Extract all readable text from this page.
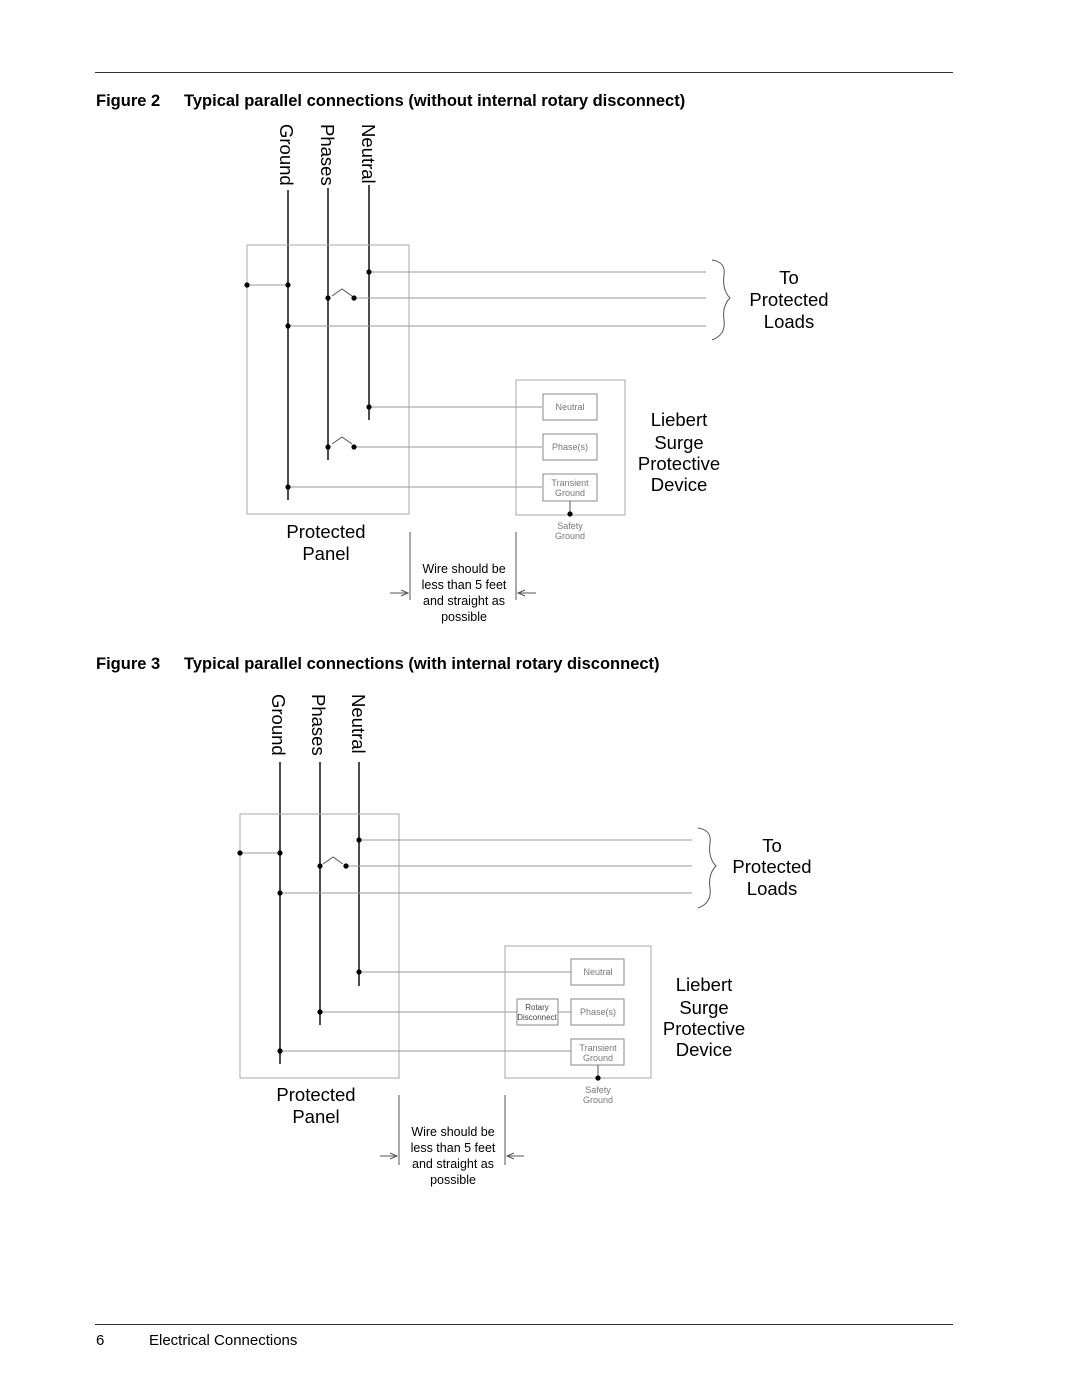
Figure 2 Typical parallel connections (without internal rotary disconnect)
Ground Phases Neutral
To
Protected
Loads
Liebert
Surge
Protective
Device
Protected
Panel
Neutral
Phase(s)
Transient
Ground
Safety
Ground
Wire should be
less than 5 feet
and straight as
possible
Figure 3 Typical parallel connections (with internal rotary disconnect)
Ground Phases Neutral
To
Protected
Loads
Liebert
Surge
Protective
Device
Protected
Panel
Neutral
Rotary
Disconnect
Phase(s)
Transient
Ground
Safety
Ground
Wire should be
less than 5 feet
and straight as
possible
6	Electrical Connections
